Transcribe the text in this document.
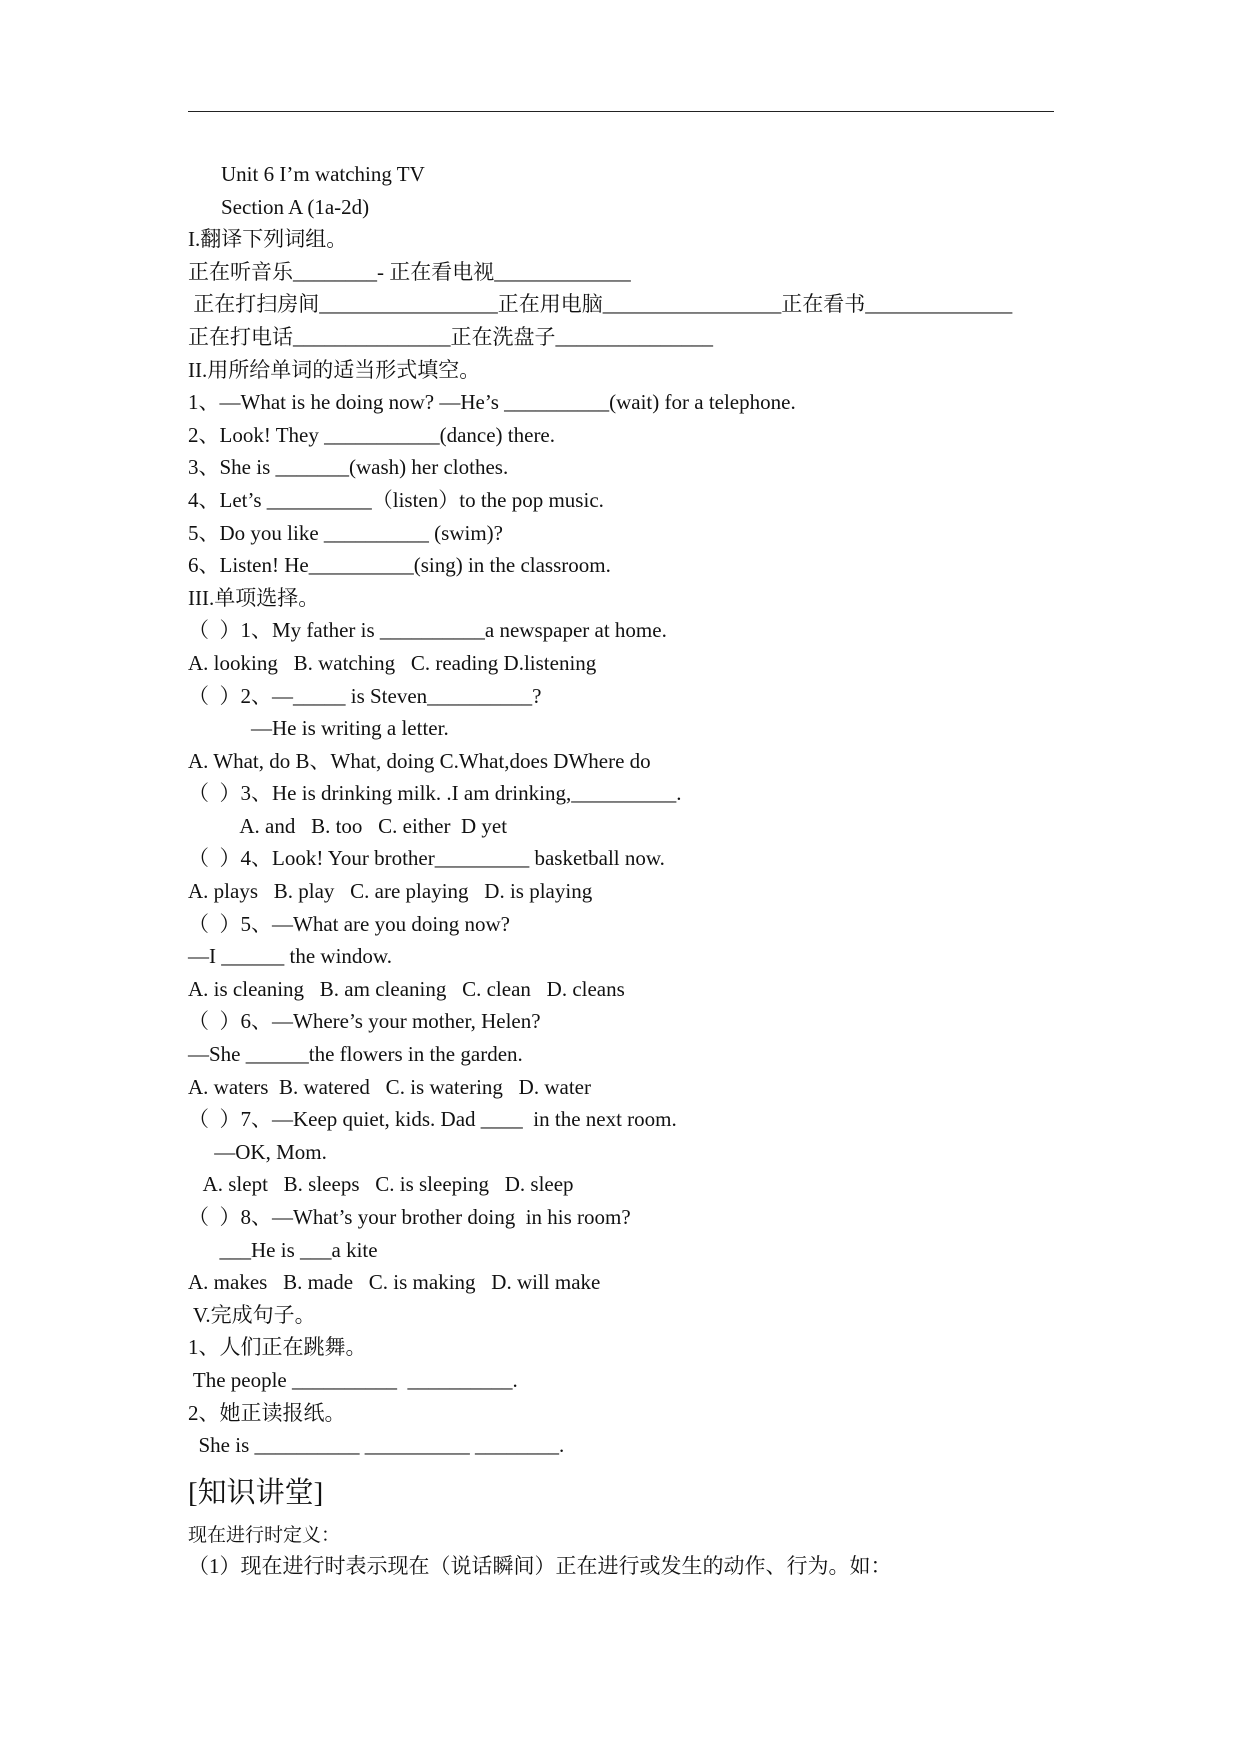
Unit 6 I’m watching TV
Section A (1a-2d)
I.翻译下列词组。
正在听音乐________- 正在看电视_____________
正在打扫房间_________________正在用电脑_________________正在看书______________
正在打电话_______________正在洗盘子_______________
II.用所给单词的适当形式填空。
1、—What is he doing now? —He’s __________(wait) for a telephone.
2、Look! They ___________(dance) there.
3、She is _______(wash) her clothes.
4、Let’s __________（listen）to the pop music.
5、Do you like __________ (swim)?
6、Listen! He__________(sing) in the classroom.
III.单项选择。
（  ）1、My father is __________a newspaper at home.
A. looking   B. watching   C. reading D.listening
（  ）2、—_____ is Steven__________?
—He is writing a letter.
A. What, do B、What, doing C.What,does DWhere do
（  ）3、He is drinking milk. .I am drinking,__________.
A. and   B. too   C. either  D yet
（  ）4、Look! Your brother_________ basketball now.
A. plays   B. play   C. are playing   D. is playing
（  ）5、—What are you doing now?
—I ______ the window.
A. is cleaning   B. am cleaning   C. clean   D. cleans
（  ）6、—Where’s your mother, Helen?
—She ______the flowers in the garden.
A. waters  B. watered   C. is watering   D. water
（  ）7、—Keep quiet, kids. Dad ____  in the next room.
—OK, Mom.
A. slept   B. sleeps   C. is sleeping   D. sleep
（  ）8、—What’s your brother doing  in his room?
___He is ___a kite
A. makes   B. made   C. is making   D. will make
V.完成句子。
1、人们正在跳舞。
The people __________  __________.
2、她正读报纸。
She is __________ __________ ________.
[知识讲堂]
现在进行时定义：
（1）现在进行时表示现在（说话瞬间）正在进行或发生的动作、行为。如：
